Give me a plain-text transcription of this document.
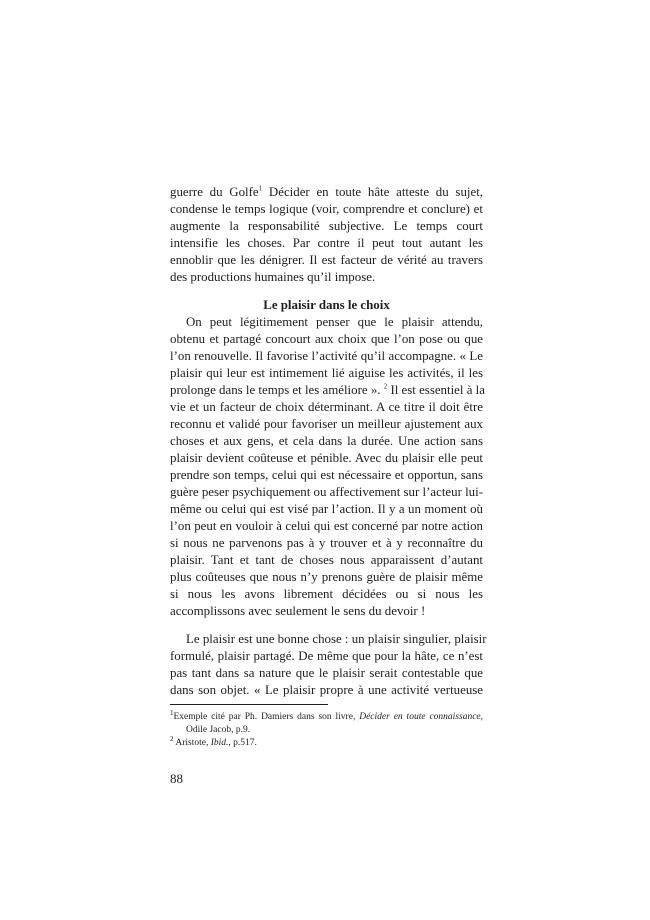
guerre du Golfe$^1$ Décider en toute hâte atteste du sujet,
condense le temps logique (voir, comprendre et conclure) et
augmente la responsabilité subjective. Le temps court
intensifie les choses. Par contre il peut tout autant les
ennoblir que les dénigrer. Il est facteur de vérité au travers
des productions humaines qu’il impose.
Le plaisir dans le choix
On peut légitimement penser que le plaisir attendu,
obtenu et partagé concourt aux choix que l’on pose ou que
l’on renouvelle. Il favorise l’activité qu’il accompagne. « Le
plaisir qui leur est intimement lié aiguise les activités, il les
prolonge dans le temps et les améliore ». $^2$ Il est essentiel à la
vie et un facteur de choix déterminant. A ce titre il doit être
reconnu et validé pour favoriser un meilleur ajustement aux
choses et aux gens, et cela dans la durée. Une action sans
plaisir devient coûteuse et pénible. Avec du plaisir elle peut
prendre son temps, celui qui est nécessaire et opportun, sans
guère peser psychiquement ou affectivement sur l’acteur lui-
même ou celui qui est visé par l’action. Il y a un moment où
l’on peut en vouloir à celui qui est concerné par notre action
si nous ne parvenons pas à y trouver et à y reconnaître du
plaisir. Tant et tant de choses nous apparaissent d’autant
plus coûteuses que nous n’y prenons guère de plaisir même
si nous les avons librement décidées ou si nous les
accomplissons avec seulement le sens du devoir !
Le plaisir est une bonne chose : un plaisir singulier, plaisir
formulé, plaisir partagé. De même que pour la hâte, ce n’est
pas tant dans sa nature que le plaisir serait contestable que
dans son objet. « Le plaisir propre à une activité vertueuse
$^1$Exemple cité par Ph. Damiers dans son livre, Décider en toute connaissance,
Odile Jacob, p.9.
$^2$ Aristote, Ibid., p.517.
88
